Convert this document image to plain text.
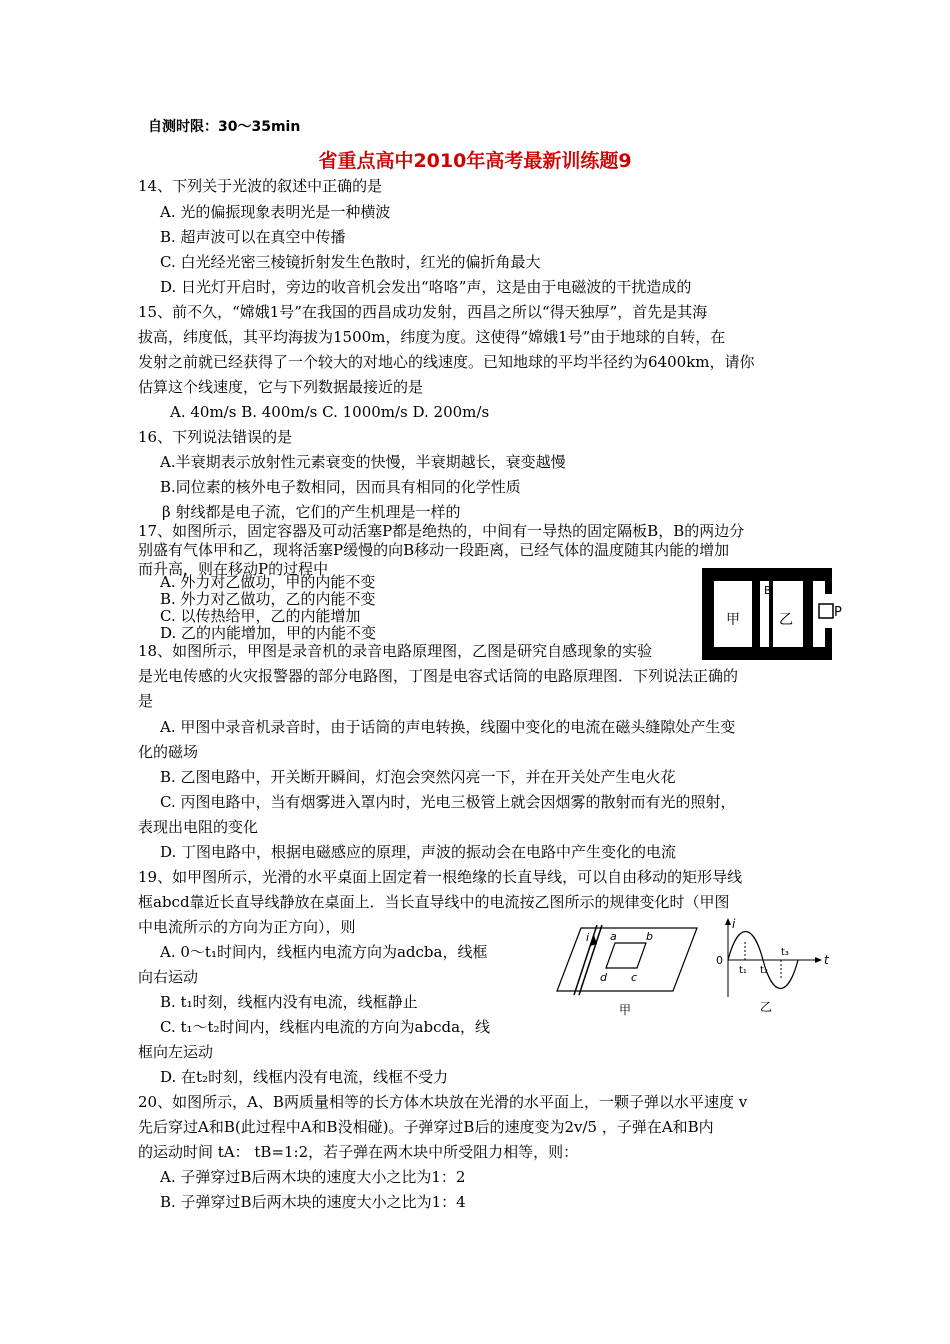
自测时限：30～35min
省重点高中2010年高考最新训练题9
14、下列关于光波的叙述中正确的是
A. 光的偏振现象表明光是一种横波
B. 超声波可以在真空中传播
C. 白光经光密三棱镜折射发生色散时，红光的偏折角最大
D. 日光灯开启时，旁边的收音机会发出“咯咯”声，这是由于电磁波的干扰造成的
15、前不久，“嫦娥1号”在我国的西昌成功发射，西昌之所以“得天独厚”，首先是其海
拔高，纬度低，其平均海拔为1500m，纬度为度。这使得“嫦娥1号”由于地球的自转，在
发射之前就已经获得了一个较大的对地心的线速度。已知地球的平均半径约为6400km，请你
估算这个线速度，它与下列数据最接近的是
A. 40m/s B. 400m/s C. 1000m/s D. 200m/s
16、下列说法错误的是
A.半衰期表示放射性元素衰变的快慢，半衰期越长，衰变越慢
B.同位素的核外电子数相同，因而具有相同的化学性质
β 射线都是电子流，它们的产生机理是一样的
17、如图所示，固定容器及可动活塞P都是绝热的，中间有一导热的固定隔板B，B的两边分
别盛有气体甲和乙，现将活塞P缓慢的向B移动一段距离，已经气体的温度随其内能的增加
而升高，则在移动P的过程中
A. 外力对乙做功，甲的内能不变
B. 外力对乙做功，乙的内能不变
C. 以传热给甲，乙的内能增加
D. 乙的内能增加，甲的内能不变
18、如图所示，甲图是录音机的录音电路原理图，乙图是研究自感现象的实验
是光电传感的火灾报警器的部分电路图，丁图是电容式话筒的电路原理图．下列说法正确的
是
A. 甲图中录音机录音时，由于话筒的声电转换，线圈中变化的电流在磁头缝隙处产生变
化的磁场
B. 乙图电路中，开关断开瞬间，灯泡会突然闪亮一下，并在开关处产生电火花
C. 丙图电路中，当有烟雾进入罩内时，光电三极管上就会因烟雾的散射而有光的照射，
表现出电阻的变化
D. 丁图电路中，根据电磁感应的原理，声波的振动会在电路中产生变化的电流
19、如甲图所示，光滑的水平桌面上固定着一根绝缘的长直导线，可以自由移动的矩形导线
框abcd靠近长直导线静放在桌面上．当长直导线中的电流按乙图所示的规律变化时（甲图
中电流所示的方向为正方向），则
A. 0～t₁时间内，线框内电流方向为adcba，线框
向右运动
B. t₁时刻，线框内没有电流，线框静止
C. t₁～t₂时间内，线框内电流的方向为abcda，线
框向左运动
D. 在t₂时刻，线框内没有电流，线框不受力
20、如图所示，A、B两质量相等的长方体木块放在光滑的水平面上，一颗子弹以水平速度 v
先后穿过A和B(此过程中A和B没相碰)。子弹穿过B后的速度变为2v/5 ，子弹在A和B内
的运动时间 tA： tB=1:2，若子弹在两木块中所受阻力相等，则：
A. 子弹穿过B后两木块的速度大小之比为1：2
B. 子弹穿过B后两木块的速度大小之比为1：4
甲	乙
B
P
i a	b
c
d
甲
i
t
0
t₁ t₂
t₃
乙
